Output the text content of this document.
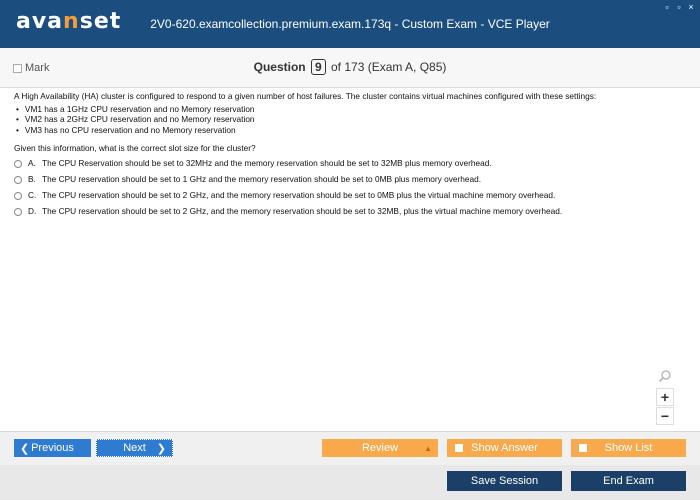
avanset	2V0-620.examcollection.premium.exam.173q - Custom Exam - VCE Player
▫ ▫ ×
Mark	Question 9 of 173 (Exam A, Q85)

A High Availability (HA) cluster is configured to respond to a given number of host failures. The cluster contains virtual machines configured with these settings:

• VM1 has a 1GHz CPU reservation and no Memory reservation
• VM2 has a 2GHz CPU reservation and no Memory reservation
• VM3 has no CPU reservation and no Memory reservation

Given this information, what is the correct slot size for the cluster?

A. The CPU Reservation should be set to 32MHz and the memory reservation should be set to 32MB plus memory overhead.
B. The CPU reservation should be set to 1 GHz and the memory reservation should be set to 0MB plus memory overhead.
C. The CPU reservation should be set to 2 GHz, and the memory reservation should be set to 0MB plus the virtual machine memory overhead.
D. The CPU reservation should be set to 2 GHz, and the memory reservation should be set to 32MB, plus the virtual machine memory overhead.
+
−
❮ Previous	Next ❯	Review	▲	Show Answer	Show List
Save Session	End Exam
